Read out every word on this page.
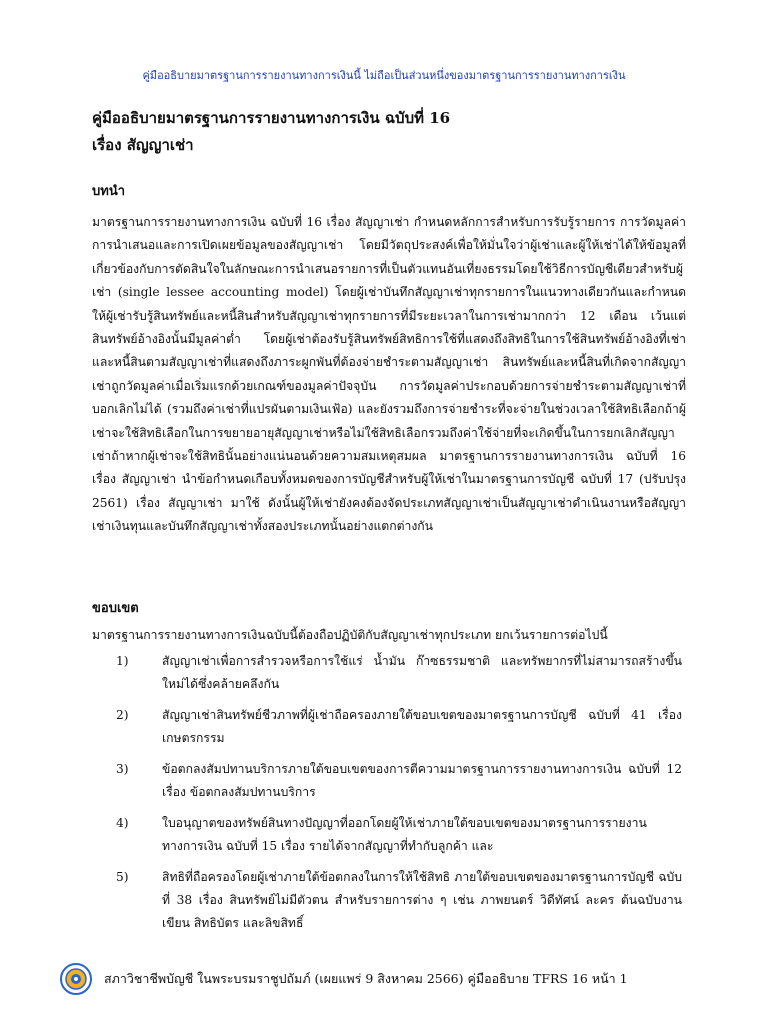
คู่มืออธิบายมาตรฐานการรายงานทางการเงินนี้ ไม่ถือเป็นส่วนหนึ่งของมาตรฐานการรายงานทางการเงิน
คู่มืออธิบายมาตรฐานการรายงานทางการเงิน ฉบับที่ 16
เรื่อง สัญญาเช่า
บทนำ

มาตรฐานการรายงานทางการเงิน ฉบับที่ 16 เรื่อง สัญญาเช่า กำหนดหลักการสำหรับการรับรู้รายการ การวัดมูลค่า การนำเสนอและการเปิดเผยข้อมูลของสัญญาเช่า โดยมีวัตถุประสงค์เพื่อให้มั่นใจว่าผู้เช่าและผู้ให้เช่าได้ให้ข้อมูลที่เกี่ยวข้องกับการตัดสินใจในลักษณะการนำเสนอรายการที่เป็นตัวแทนอันเที่ยงธรรมโดยใช้วิธีการบัญชีเดียวสำหรับผู้เช่า (single lessee accounting model) โดยผู้เช่าบันทึกสัญญาเช่าทุกรายการในแนวทางเดียวกันและกำหนดให้ผู้เช่ารับรู้สินทรัพย์และหนี้สินสำหรับสัญญาเช่าทุกรายการที่มีระยะเวลาในการเช่ามากกว่า 12 เดือน เว้นแต่สินทรัพย์อ้างอิงนั้นมีมูลค่าต่ำ โดยผู้เช่าต้องรับรู้สินทรัพย์สิทธิการใช้ที่แสดงถึงสิทธิในการใช้สินทรัพย์อ้างอิงที่เช่าและหนี้สินตามสัญญาเช่าที่แสดงถึงภาระผูกพันที่ต้องจ่ายชำระตามสัญญาเช่า สินทรัพย์และหนี้สินที่เกิดจากสัญญาเช่าถูกวัดมูลค่าเมื่อเริ่มแรกด้วยเกณฑ์ของมูลค่าปัจจุบัน การวัดมูลค่าประกอบด้วยการจ่ายชำระตามสัญญาเช่าที่บอกเลิกไม่ได้ (รวมถึงค่าเช่าที่แปรผันตามเงินเฟ้อ) และยังรวมถึงการจ่ายชำระที่จะจ่ายในช่วงเวลาใช้สิทธิเลือกถ้าผู้เช่าจะใช้สิทธิเลือกในการขยายอายุสัญญาเช่าหรือไม่ใช้สิทธิเลือกรวมถึงค่าใช้จ่ายที่จะเกิดขึ้นในการยกเลิกสัญญาเช่าถ้าหากผู้เช่าจะใช้สิทธินั้นอย่างแน่นอนด้วยความสมเหตุสมผล มาตรฐานการรายงานทางการเงิน ฉบับที่ 16 เรื่อง สัญญาเช่า นำข้อกำหนดเกือบทั้งหมดของการบัญชีสำหรับผู้ให้เช่าในมาตรฐานการบัญชี ฉบับที่ 17 (ปรับปรุง 2561) เรื่อง สัญญาเช่า มาใช้ ดังนั้นผู้ให้เช่ายังคงต้องจัดประเภทสัญญาเช่าเป็นสัญญาเช่าดำเนินงานหรือสัญญาเช่าเงินทุนและบันทึกสัญญาเช่าทั้งสองประเภทนั้นอย่างแตกต่างกัน

ขอบเขต

มาตรฐานการรายงานทางการเงินฉบับนี้ต้องถือปฏิบัติกับสัญญาเช่าทุกประเภท ยกเว้นรายการต่อไปนี้

1)	สัญญาเช่าเพื่อการสำรวจหรือการใช้แร่ น้ำมัน ก๊าซธรรมชาติ และทรัพยากรที่ไม่สามารถสร้างขึ้นใหม่ได้ซึ่งคล้ายคลึงกัน
2)	สัญญาเช่าสินทรัพย์ชีวภาพที่ผู้เช่าถือครองภายใต้ขอบเขตของมาตรฐานการบัญชี ฉบับที่ 41 เรื่อง เกษตรกรรม
3)	ข้อตกลงสัมปทานบริการภายใต้ขอบเขตของการตีความมาตรฐานการรายงานทางการเงิน ฉบับที่ 12 เรื่อง ข้อตกลงสัมปทานบริการ
4)	ใบอนุญาตของทรัพย์สินทางปัญญาที่ออกโดยผู้ให้เช่าภายใต้ขอบเขตของมาตรฐานการรายงานทางการเงิน ฉบับที่ 15 เรื่อง รายได้จากสัญญาที่ทำกับลูกค้า และ
5)	สิทธิที่ถือครองโดยผู้เช่าภายใต้ข้อตกลงในการให้ใช้สิทธิ ภายใต้ขอบเขตของมาตรฐานการบัญชี ฉบับที่ 38 เรื่อง สินทรัพย์ไม่มีตัวตน สำหรับรายการต่าง ๆ เช่น ภาพยนตร์ วิดีทัศน์ ละคร ต้นฉบับงานเขียน สิทธิบัตร และลิขสิทธิ์
สภาวิชาชีพบัญชี ในพระบรมราชูปถัมภ์ (เผยแพร่ 9 สิงหาคม 2566) คู่มืออธิบาย TFRS 16 หน้า 1
